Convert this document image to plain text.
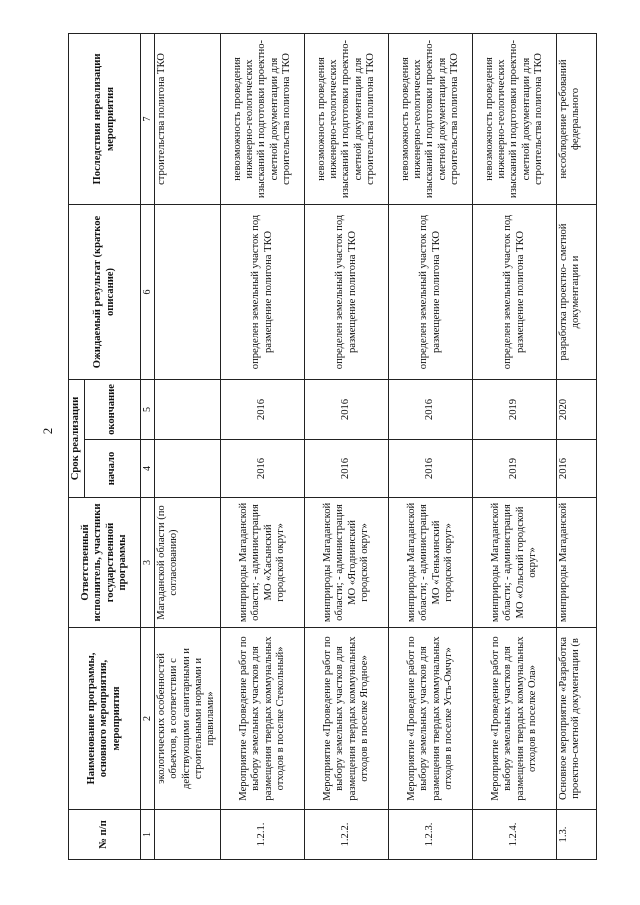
2
№ п/п	Наименование программы, основного мероприятия, мероприятия	Ответственный исполнитель, участники государственной программы	Срок реализации		Ожидаемый результат (краткое описание)	Последствия нереализации мероприятия
			начало	окончание		
1	2	3	4	5	6	7
	экологических особенностей объектов, в соответствии с действующими санитарными и строительными нормами и правилами»	Магаданской области (по согласованию)				строительства полигона ТКО
1.2.1.	Мероприятие «Проведение работ по выбору земельных участков для размещения твердых коммунальных отходов в поселке Стекольный»	минприроды Магаданской области; - администрация МО «Хасынский городской округ»	2016	2016	определен земельный участок под размещение полигона ТКО	невозможность проведения инженерно-геологических изысканий и подготовки проектно- сметной документации для строительства полигона ТКО
1.2.2.	Мероприятие «Проведение работ по выбору земельных участков для размещения твердых коммунальных отходов в поселке Ягодное»	минприроды Магаданской области; - администрация МО «Ягоднинский городской округ»	2016	2016	определен земельный участок под размещение полигона ТКО	невозможность проведения инженерно-геологических изысканий и подготовки проектно- сметной документации для строительства полигона ТКО
1.2.3.	Мероприятие «Проведение работ по выбору земельных участков для размещения твердых коммунальных отходов в поселке Усть-Омчуг»	минприроды Магаданской области; - администрация МО «Тенькинский городской округ»	2016	2016	определен земельный участок под размещение полигона ТКО	невозможность проведения инженерно-геологических изысканий и подготовки проектно- сметной документации для строительства полигона ТКО
1.2.4.	Мероприятие «Проведение работ по выбору земельных участков для размещения твердых коммунальных отходов в поселке Ола»	минприроды Магаданской области; - администрация МО «Ольский городской округ»	2019	2019	определен земельный участок под размещение полигона ТКО	невозможность проведения инженерно-геологических изысканий и подготовки проектно- сметной документации для строительства полигона ТКО
1.3.	Основное мероприятие «Разработка проектно-сметной документации (в	минприроды Магаданской	2016	2020	разработка проектно- сметной документации и	несоблюдение требований федерального
